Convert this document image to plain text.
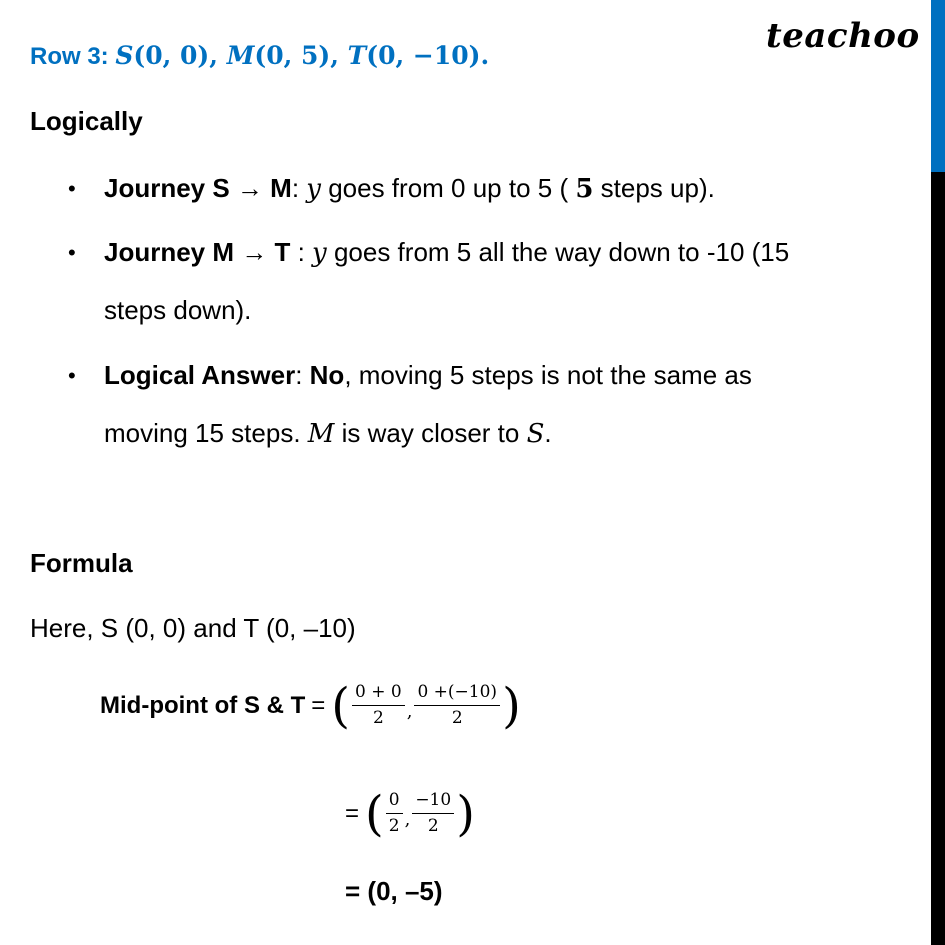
teachoo
Row 3: S(0, 0), M(0, 5), T(0, −10).
Logically
• Journey S → M: y goes from 0 up to 5 ( 5 steps up).
• Journey M → T : y goes from 5 all the way down to -10 (15
steps down).
• Logical Answer: No, moving 5 steps is not the same as
moving 15 steps. M is way closer to S.
Formula
Here, S (0, 0) and T (0, –10)
Mid-point of S & T = ( $\frac{0 + 0}{2}$ , $\frac{0 +(-10)}{2}$ )
= ( $\frac{0}{2}$ , $\frac{-10}{2}$ )
= (0, –5)
